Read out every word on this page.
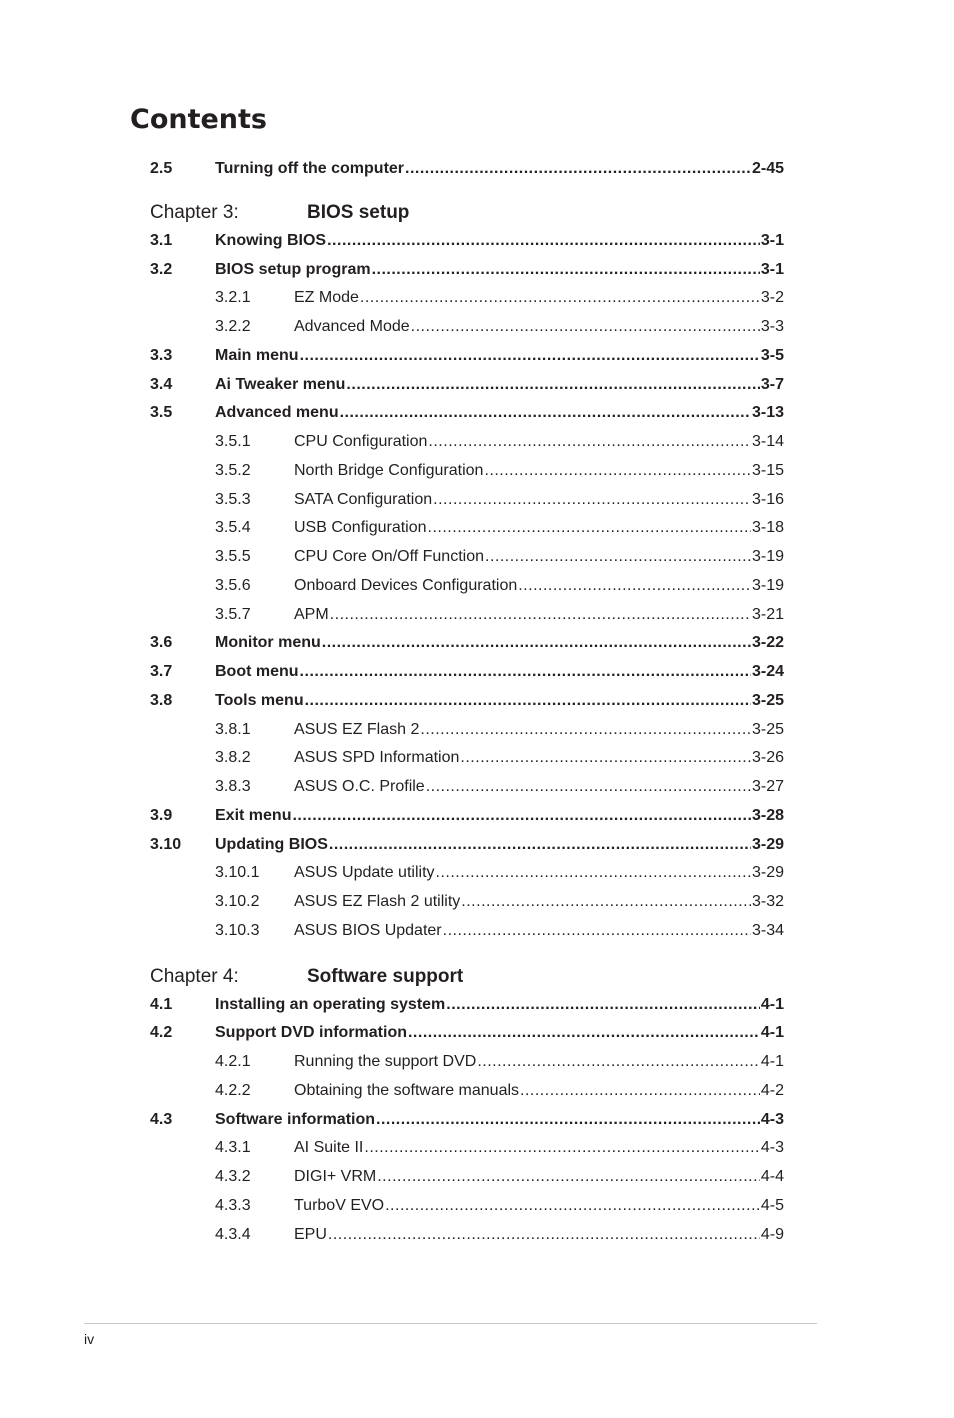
Contents
2.5	Turning off the computer .....	2-45
Chapter 3:	BIOS setup
3.1	Knowing BIOS .....	3-1
3.2	BIOS setup program .....	3-1
3.2.1	EZ Mode .....	3-2
3.2.2	Advanced Mode .....	3-3
3.3	Main menu .....	3-5
3.4	Ai Tweaker menu .....	3-7
3.5	Advanced menu .....	3-13
3.5.1	CPU Configuration .....	3-14
3.5.2	North Bridge Configuration .....	3-15
3.5.3	SATA Configuration .....	3-16
3.5.4	USB Configuration .....	3-18
3.5.5	CPU Core On/Off Function .....	3-19
3.5.6	Onboard Devices Configuration .....	3-19
3.5.7	APM .....	3-21
3.6	Monitor menu .....	3-22
3.7	Boot menu .....	3-24
3.8	Tools menu .....	3-25
3.8.1	ASUS EZ Flash 2 .....	3-25
3.8.2	ASUS SPD Information .....	3-26
3.8.3	ASUS O.C. Profile .....	3-27
3.9	Exit menu .....	3-28
3.10	Updating BIOS .....	3-29
3.10.1	ASUS Update utility .....	3-29
3.10.2	ASUS EZ Flash 2 utility .....	3-32
3.10.3	ASUS BIOS Updater .....	3-34
Chapter 4:	Software support
4.1	Installing an operating system .....	4-1
4.2	Support DVD information .....	4-1
4.2.1	Running the support DVD .....	4-1
4.2.2	Obtaining the software manuals .....	4-2
4.3	Software information .....	4-3
4.3.1	AI Suite II .....	4-3
4.3.2	DIGI+ VRM .....	4-4
4.3.3	TurboV EVO .....	4-5
4.3.4	EPU .....	4-9
iv
